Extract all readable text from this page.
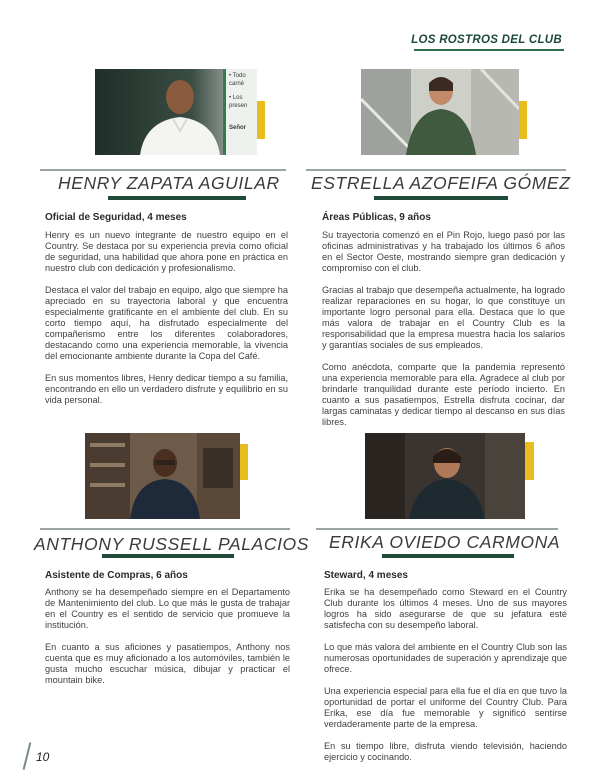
LOS ROSTROS DEL CLUB
• Todo
carné
• Los
presen
Señor
HENRY ZAPATA AGUILAR
Oficial de Seguridad, 4 meses

Henry es un nuevo integrante de nuestro equipo en el Country. Se destaca por su experiencia previa como oficial de seguridad, una habilidad que ahora pone en práctica en nuestro club con dedicación y profesionalismo.

Destaca el valor del trabajo en equipo, algo que siempre ha apreciado en su trayectoria laboral y que encuentra especialmente gratificante en el ambiente del club. En su corto tiempo aquí, ha disfrutado especialmente del compañerismo entre los diferentes colaboradores, destacando como una experiencia memorable, la vivencia del emocionante ambiente durante la Copa del Café.

En sus momentos libres, Henry dedicar tiempo a su familia, encontrando en ello un verdadero disfrute y equilibrio en su vida personal.

ESTRELLA AZOFEIFA GÓMEZ
Áreas Públicas, 9 años

Su trayectoria comenzó en el Pin Rojo, luego pasó por las oficinas administrativas y ha trabajado los últimos 6 años en el Sector Oeste, mostrando siempre gran dedicación y compromiso con el club.

Gracias al trabajo que desempeña actualmente, ha logrado realizar reparaciones en su hogar, lo que constituye un importante logro personal para ella. Destaca que lo que más valora de trabajar en el Country Club es la responsabilidad que la empresa muestra hacia los salarios y garantías sociales de sus empleados.

Como anécdota, comparte que la pandemia representó una experiencia memorable para ella. Agradece al club por brindarle tranquilidad durante este período incierto. En cuanto a sus pasatiempos, Estrella disfruta cocinar, dar largas caminatas y dedicar tiempo al descanso en sus días libres.

ANTHONY RUSSELL PALACIOS
Asistente de Compras, 6 años

Anthony se ha desempeñado siempre en el Departamento de Mantenimiento del club. Lo que más le gusta de trabajar en el Country es el sentido de servicio que promueve la institución.

En cuanto a sus aficiones y pasatiempos, Anthony nos cuenta que es muy aficionado a los automóviles, también le gusta mucho escuchar música, dibujar y practicar el mountain bike.

ERIKA OVIEDO CARMONA
Steward, 4 meses

Erika se ha desempeñado como Steward en el Country Club durante los últimos 4 meses. Uno de sus mayores logros ha sido asegurarse de que su jefatura esté satisfecha con su desempeño laboral.

Lo que más valora del ambiente en el Country Club son las numerosas oportunidades de superación y aprendizaje que ofrece.

Una experiencia especial para ella fue el día en que tuvo la oportunidad de portar el uniforme del Country Club. Para Erika, ese día fue memorable y significó sentirse verdaderamente parte de la empresa.

En su tiempo libre, disfruta viendo televisión, haciendo ejercicio y cocinando.

10
